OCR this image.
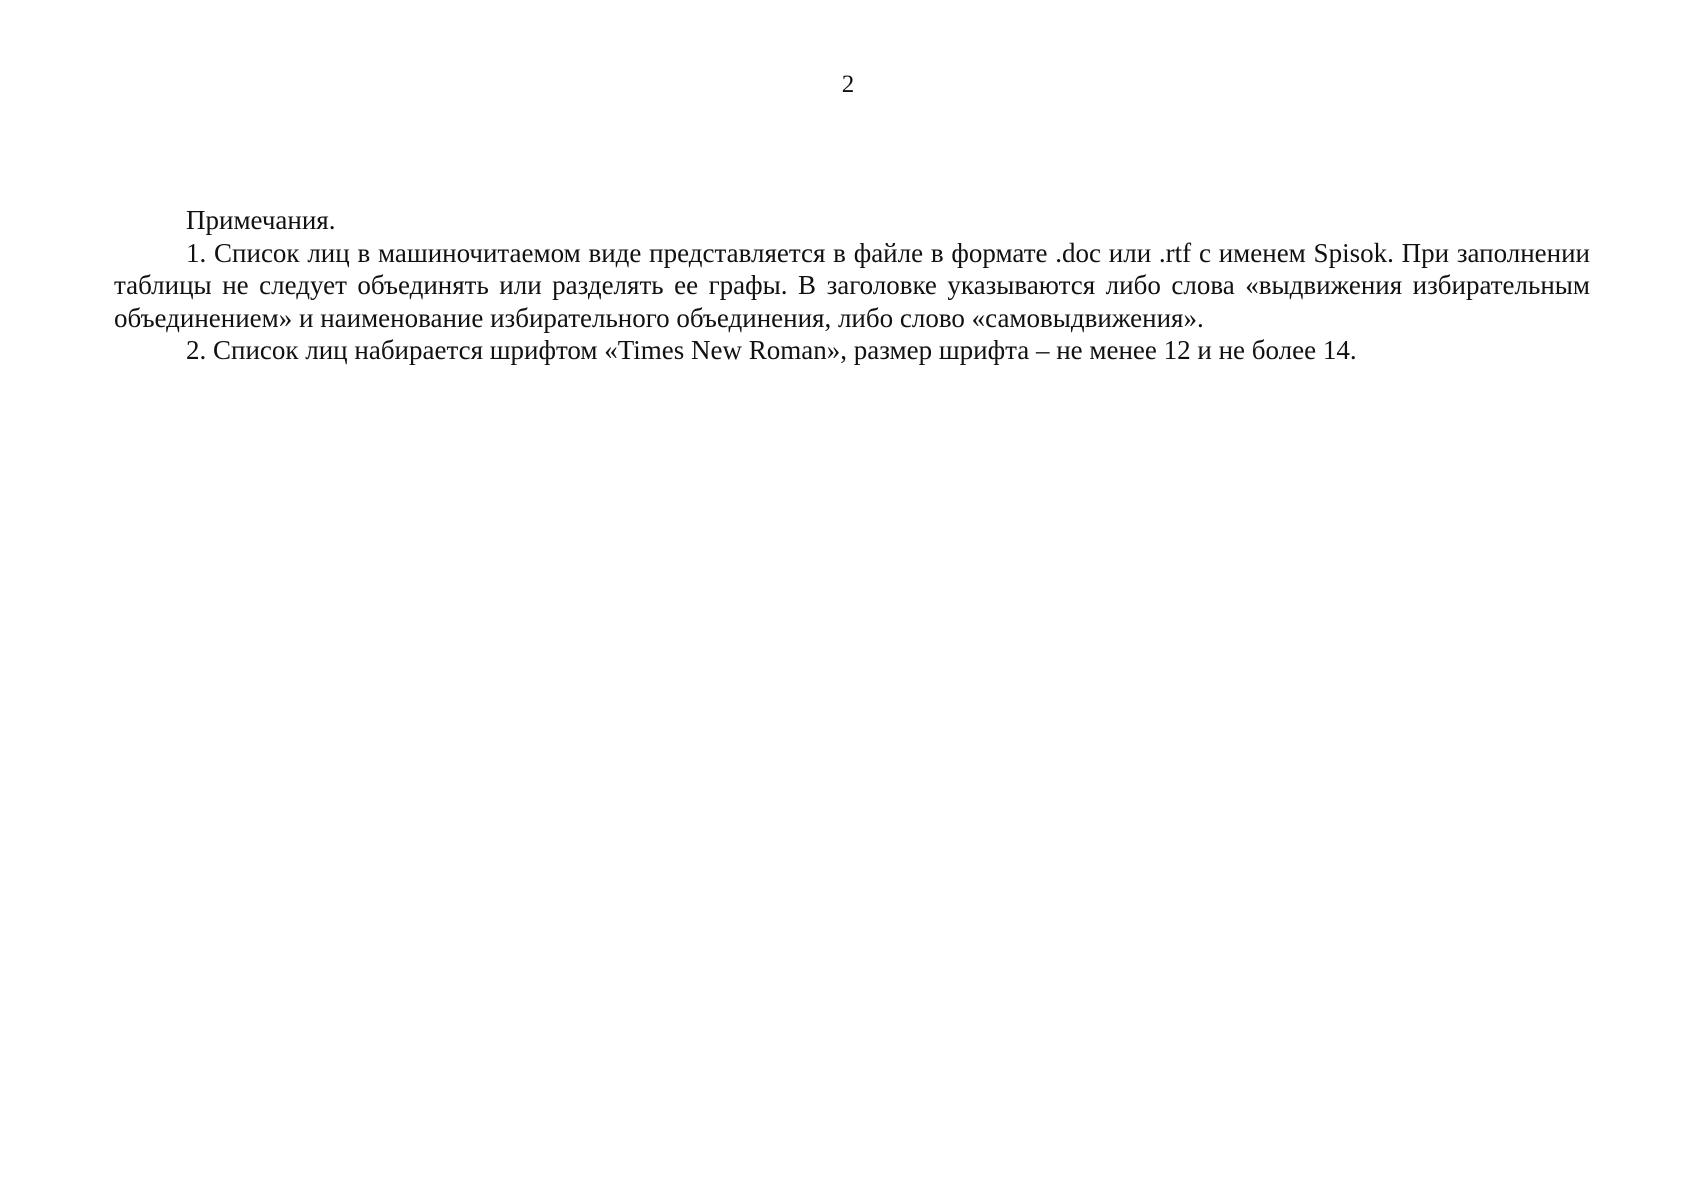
2

Примечания.

1. Список лиц в машиночитаемом виде представляется в файле в формате .doc или .rtf с именем Spisok. При заполнении таблицы не следует объединять или разделять ее графы. В заголовке указываются либо слова «выдвижения избирательным объединением» и наименование избирательного объединения, либо слово «самовыдвижения».

2. Список лиц набирается шрифтом «Times New Roman», размер шрифта – не менее 12 и не более 14.
